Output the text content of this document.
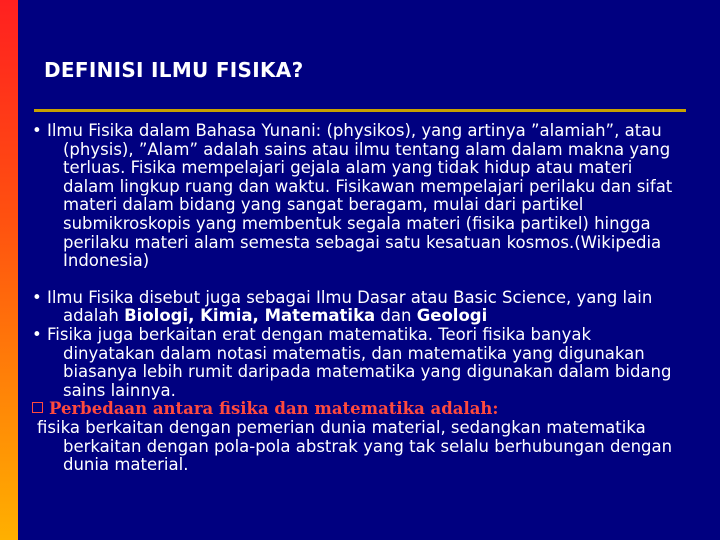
DEFINISI ILMU FISIKA?

• Ilmu Fisika dalam Bahasa Yunani: (physikos), yang artinya ”alamiah”, atau (physis), ”Alam” adalah sains atau ilmu tentang alam dalam makna yang terluas. Fisika mempelajari gejala alam yang tidak hidup atau materi dalam lingkup ruang dan waktu. Fisikawan mempelajari perilaku dan sifat materi dalam bidang yang sangat beragam, mulai dari partikel submikroskopis yang membentuk segala materi (fisika partikel) hingga perilaku materi alam semesta sebagai satu kesatuan kosmos.(Wikipedia Indonesia)

• Ilmu Fisika disebut juga sebagai Ilmu Dasar atau Basic Science, yang lain adalah Biologi, Kimia, Matematika dan Geologi

• Fisika juga berkaitan erat dengan matematika. Teori fisika banyak dinyatakan dalam notasi matematis, dan matematika yang digunakan biasanya lebih rumit daripada matematika yang digunakan dalam bidang sains lainnya.

Perbedaan antara fisika dan matematika adalah:

fisika berkaitan dengan pemerian dunia material, sedangkan matematika berkaitan dengan pola-pola abstrak yang tak selalu berhubungan dengan dunia material.
